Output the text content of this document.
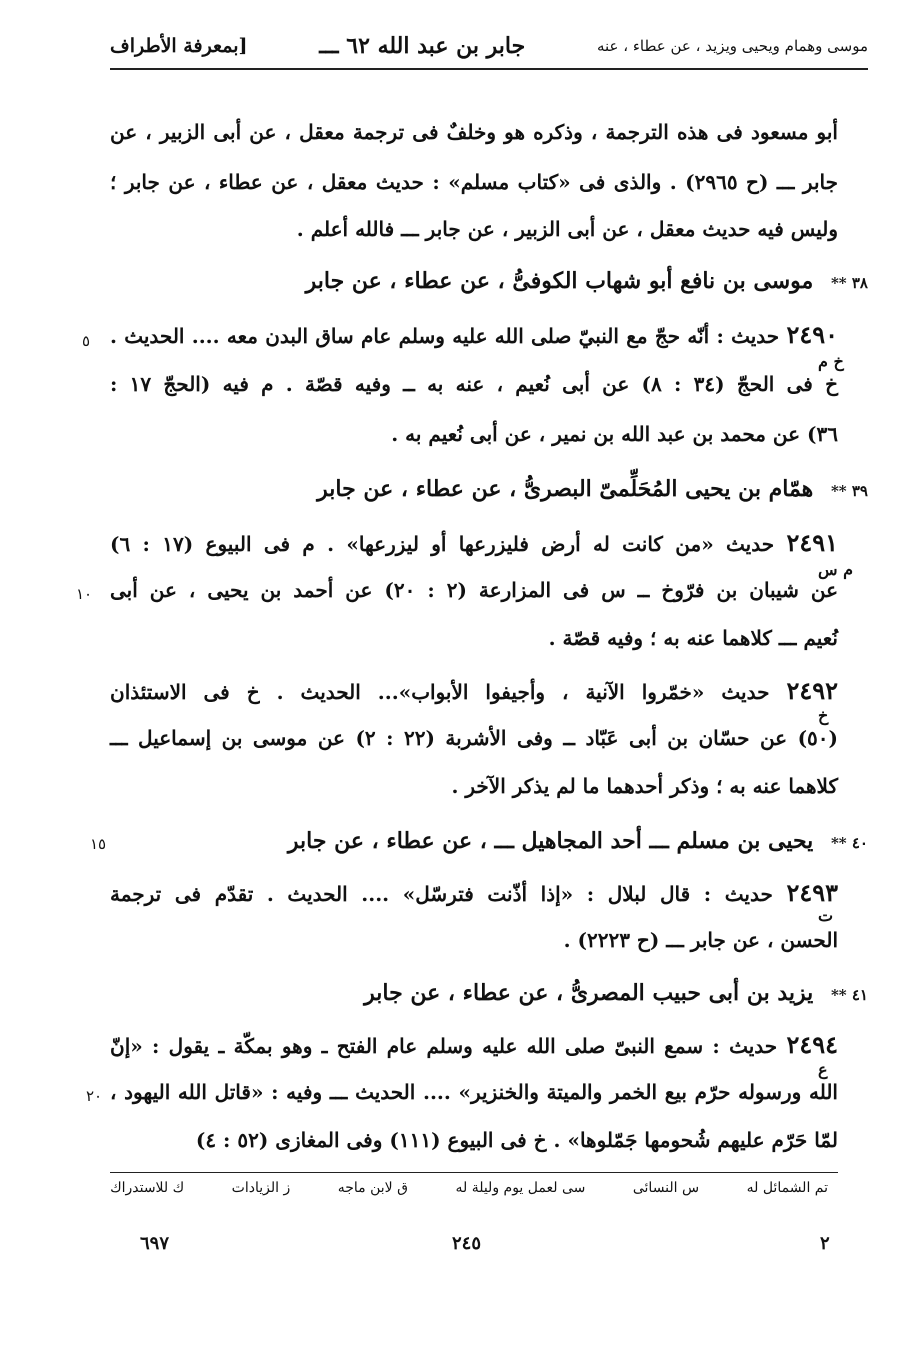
موسى وهمام ويحيى ويزيد ، عن عطاء ، عنه
جابر بن عبد الله ٦٢ ـــ
بمعرفة الأطراف]
أبو مسعود فى هذه الترجمة ، وذكره هو وخلفٌ فى ترجمة معقل ، عن أبى الزبير ، عن
جابر ـــ (ح ٢٩٦٥) . والذى فى «كتاب مسلم» : حديث معقل ، عن عطاء ، عن جابر ؛
وليس فيه حديث معقل ، عن أبى الزبير ، عن جابر ـــ فالله أعلم .
٣٨ ** موسى بن نافع أبو شهاب الكوفىُّ ، عن عطاء ، عن جابر
٢٤٩٠ حديث : أنّه حجّ مع النبيّ صلى الله عليه وسلم عام ساق البدن معه .... الحديث .
خ م
خ فى الحجّ (٣٤ : ٨) عن أبى نُعيم ، عنه به ــ وفيه قصّة . م فيه (الحجّ ١٧ :
٣٦) عن محمد بن عبد الله بن نمير ، عن أبى نُعيم به .
٥
٣٩ ** همّام بن يحيى المُحَلِّمىّ البصرىُّ ، عن عطاء ، عن جابر
٢٤٩١ حديث «من كانت له أرض فليزرعها أو ليزرعها» . م فى البيوع (١٧ : ٦)
م س
عن شيبان بن فرّوخ ــ س فى المزارعة (٢ : ٢٠) عن أحمد بن يحيى ، عن أبى
نُعيم ـــ كلاهما عنه به ؛ وفيه قصّة .
١٠
٢٤٩٢ حديث «خمّروا الآنية ، وأجيفوا الأبواب»... الحديث . خ فى الاستئذان
خ
(٥٠) عن حسّان بن أبى عَبّاد ــ وفى الأشربة (٢٢ : ٢) عن موسى بن إسماعيل ـــ
كلاهما عنه به ؛ وذكر أحدهما ما لم يذكر الآخر .
٤٠ ** يحيى بن مسلم ـــ أحد المجاهيل ـــ ، عن عطاء ، عن جابر
١٥
٢٤٩٣ حديث : قال لبلال : «إذا أذّنت فترسّل» .... الحديث . تقدّم فى ترجمة
ت
الحسن ، عن جابر ـــ (ح ٢٢٢٣) .
٤١ ** يزيد بن أبى حبيب المصرىُّ ، عن عطاء ، عن جابر
٢٤٩٤ حديث : سمع النبىّ صلى الله عليه وسلم عام الفتح ـ وهو بمكّة ـ يقول : «إنّ
ع
الله ورسوله حرّم بيع الخمر والميتة والخنزير» .... الحديث ـــ وفيه : «قاتل الله اليهود ،
٢٠
لمّا حَرّم عليهم شُحومها جَمّلوها» . خ فى البيوع (١١١) وفى المغازى (٥٢ : ٤)
تم الشمائل له
س النسائى
سى لعمل يوم وليلة له
ق لابن ماجه
ز الزيادات
ك للاستدراك
٦٩٧	٢٤٥	٢
